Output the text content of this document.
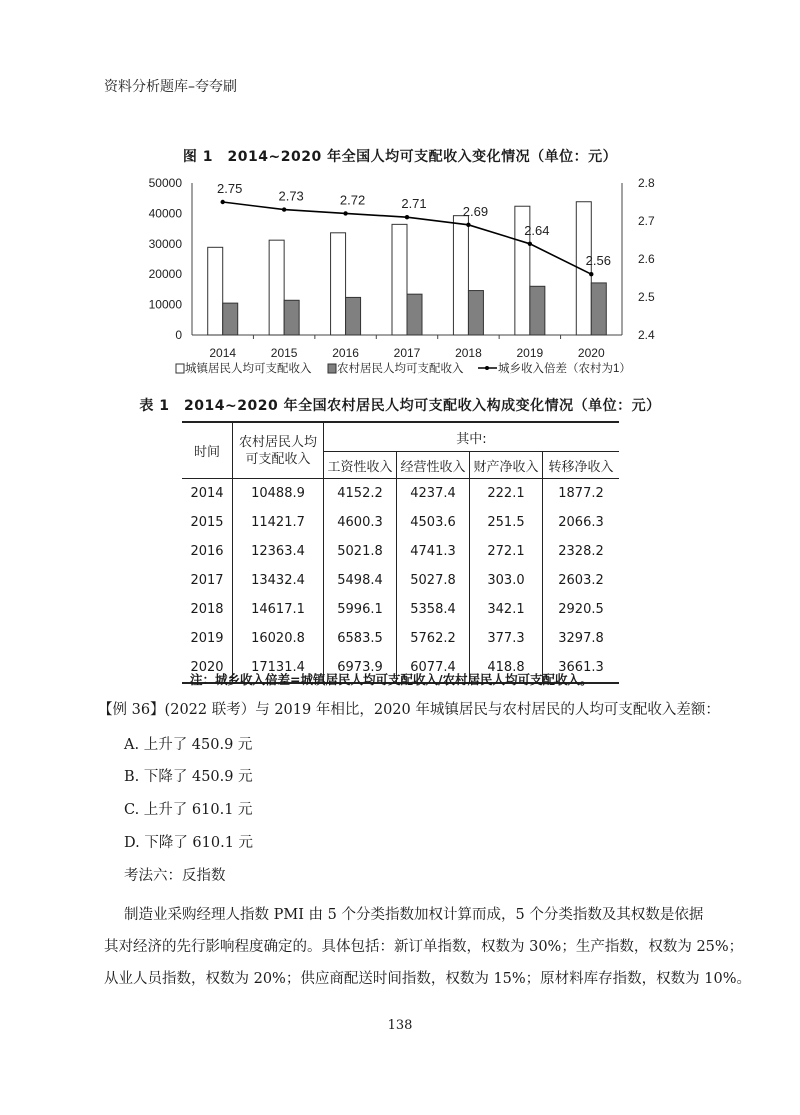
资料分析题库–夸夸刷
图 1　2014~2020 年全国人均可支配收入变化情况（单位：元）
0
10000
20000
30000
40000
50000
2.4
2.5
2.6
2.7
2.8
2014	2015	2016	2017	2018	2019	2020
2.75
2.73	2.72	2.71
2.69
2.64
2.56
城镇居民人均可支配收入 农村居民人均可支配收入	城乡收入倍差（农村为1）
表 1　2014~2020 年全国农村居民人均可支配收入构成变化情况（单位：元）
时间	农村居民人均可支配收入	其中:			
		工资性收入	经营性收入	财产净收入	转移净收入
2014	10488.9	4152.2	4237.4	222.1	1877.2
2015	11421.7	4600.3	4503.6	251.5	2066.3
2016	12363.4	5021.8	4741.3	272.1	2328.2
2017	13432.4	5498.4	5027.8	303.0	2603.2
2018	14617.1	5996.1	5358.4	342.1	2920.5
2019	16020.8	6583.5	5762.2	377.3	3297.8
2020	17131.4	6973.9	6077.4	418.8	3661.3
注：城乡收入倍差=城镇居民人均可支配收入/农村居民人均可支配收入。
【例 36】(2022 联考）与 2019 年相比，2020 年城镇居民与农村居民的人均可支配收入差额：
A. 上升了 450.9 元
B. 下降了 450.9 元
C. 上升了 610.1 元
D. 下降了 610.1 元
考法六：反指数
制造业采购经理人指数 PMI 由 5 个分类指数加权计算而成，5 个分类指数及其权数是依据
其对经济的先行影响程度确定的。具体包括：新订单指数，权数为 30%；生产指数，权数为 25%；
从业人员指数，权数为 20%；供应商配送时间指数，权数为 15%；原材料库存指数，权数为 10%。
138
